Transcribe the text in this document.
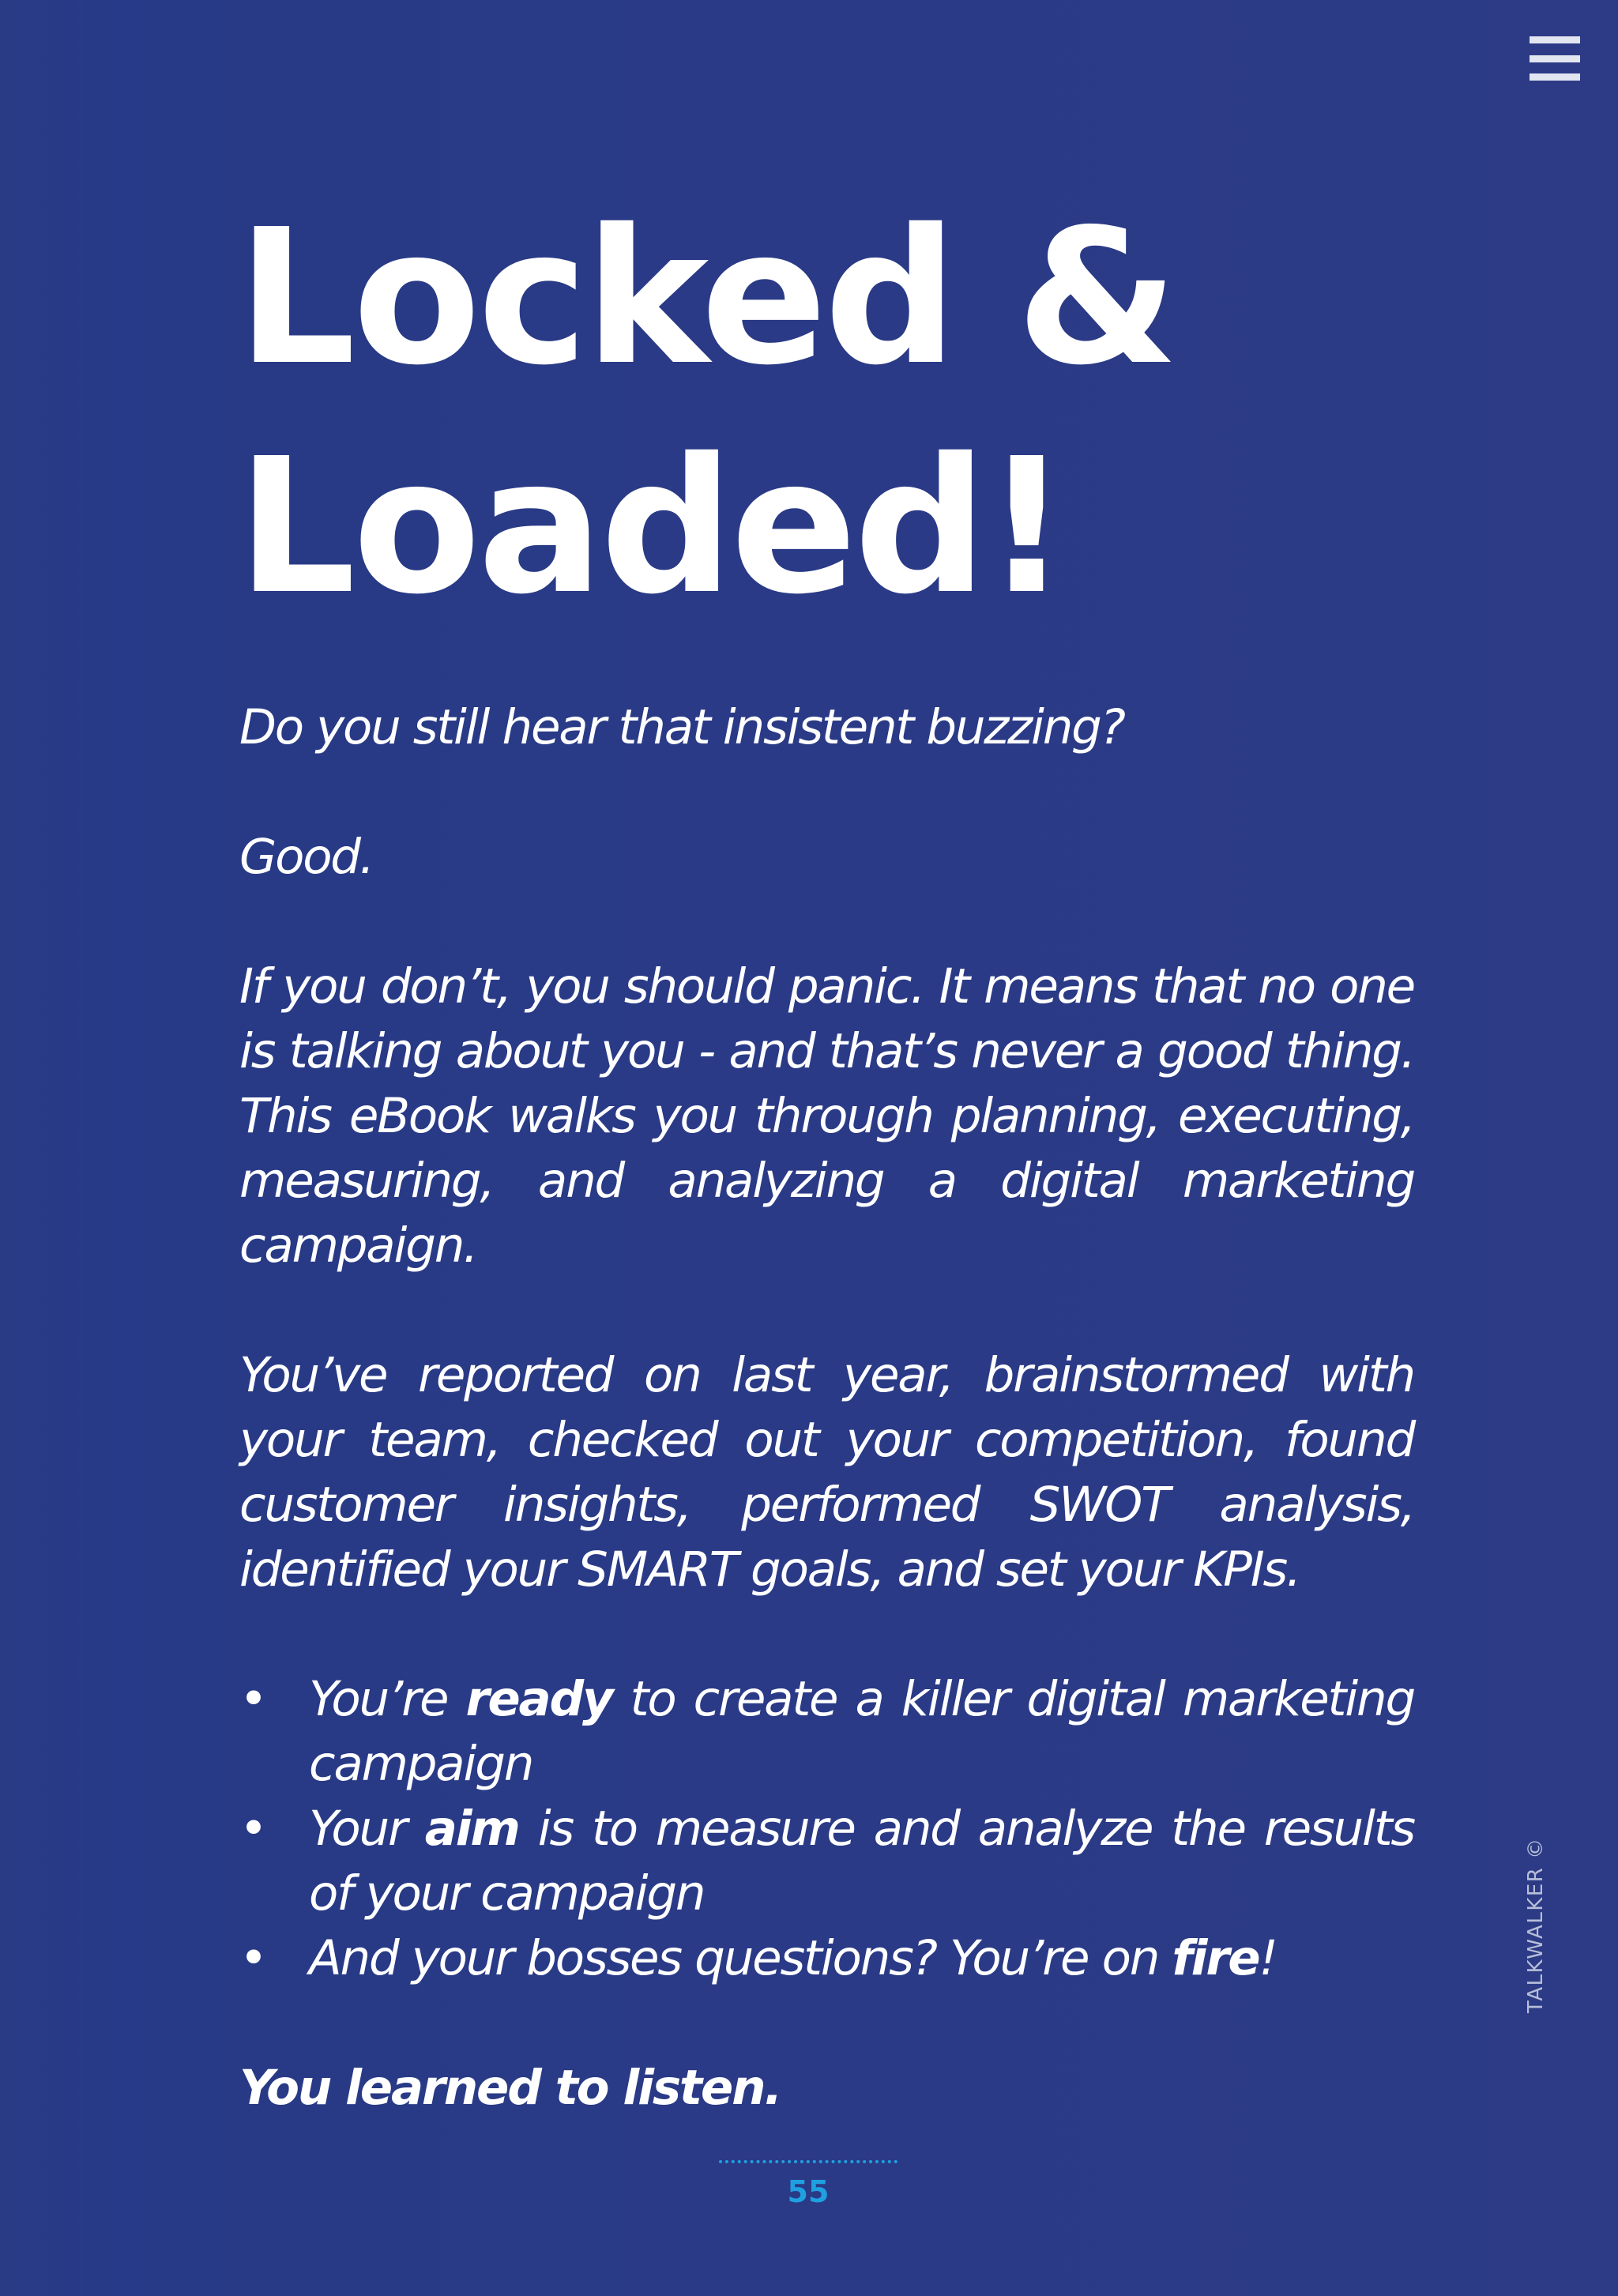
Locked &
Loaded!

Do you still hear that insistent buzzing?

Good.

If you don’t, you should panic. It means that no one is talking about you - and that’s never a good thing. This eBook walks you through planning, executing, measuring, and analyzing a digital marketing campaign.

You’ve reported on last year, brainstormed with your team, checked out your competition, found customer insights, performed SWOT analysis, identified your SMART goals, and set your KPIs.

• You’re ready to create a killer digital marketing campaign
• Your aim is to measure and analyze the results of your campaign
• And your bosses questions? You’re on fire!

You learned to listen.

TALKWALKER ©
55
